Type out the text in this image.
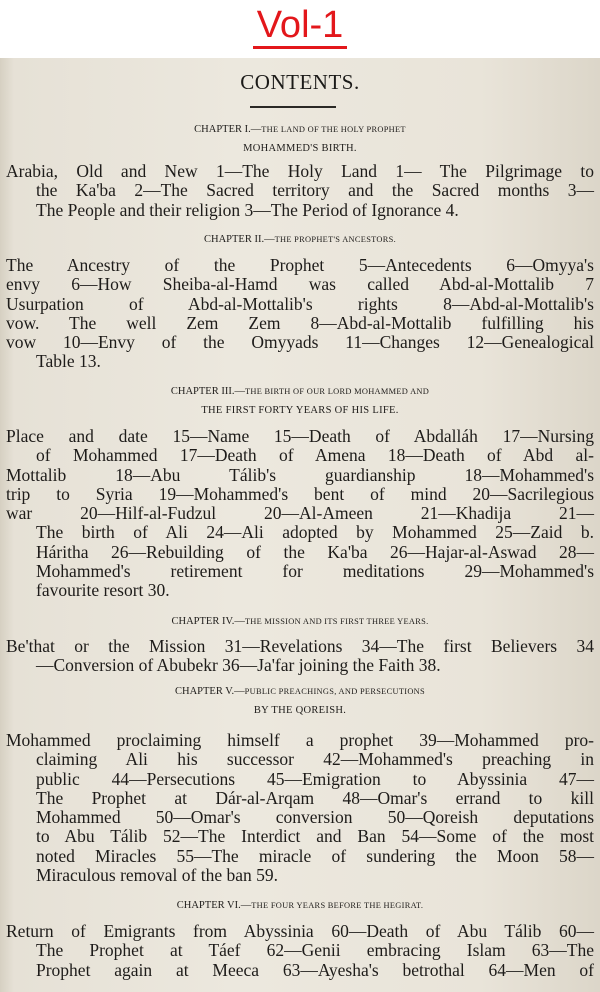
Vol-1
CONTENTS.
CHAPTER I.—THE LAND OF THE HOLY PROPHET
MOHAMMED'S BIRTH.
Arabia, Old and New 1—The Holy Land 1— The Pilgrimage to
the Ka'ba 2—The Sacred territory and the Sacred months 3—
The People and their religion 3—The Period of Ignorance 4.
CHAPTER II.—THE PROPHET'S ANCESTORS.
The Ancestry of the Prophet 5—Antecedents 6—Omyya's
envy 6—How Sheiba-al-Hamd was called Abd-al-Mottalib 7
Usurpation of Abd-al-Mottalib's rights 8—Abd-al-Mottalib's
vow. The well Zem Zem 8—Abd-al-Mottalib fulfilling his
vow 10—Envy of the Omyyads 11—Changes 12—Genealogical
Table 13.
CHAPTER III.—THE BIRTH OF OUR LORD MOHAMMED AND
THE FIRST FORTY YEARS OF HIS LIFE.
Place and date 15—Name 15—Death of Abdalláh 17—Nursing
of Mohammed 17—Death of Amena 18—Death of Abd al-
Mottalib 18—Abu Tálib's guardianship 18—Mohammed's
trip to Syria 19—Mohammed's bent of mind 20—Sacrilegious
war 20—Hilf-al-Fudzul 20—Al-Ameen 21—Khadija 21—
The birth of Ali 24—Ali adopted by Mohammed 25—Zaid b.
Háritha 26—Rebuilding of the Ka'ba 26—Hajar-al-Aswad 28—
Mohammed's retirement for meditations 29—Mohammed's
favourite resort 30.
CHAPTER IV.—THE MISSION AND ITS FIRST THREE YEARS.
Be'that or the Mission 31—Revelations 34—The first Believers 34
—Conversion of Abubekr 36—Ja'far joining the Faith 38.
CHAPTER V.—PUBLIC PREACHINGS, AND PERSECUTIONS
BY THE QOREISH.
Mohammed proclaiming himself a prophet 39—Mohammed pro-
claiming Ali his successor 42—Mohammed's preaching in
public 44—Persecutions 45—Emigration to Abyssinia 47—
The Prophet at Dár-al-Arqam 48—Omar's errand to kill
Mohammed 50—Omar's conversion 50—Qoreish deputations
to Abu Tálib 52—The Interdict and Ban 54—Some of the most
noted Miracles 55—The miracle of sundering the Moon 58—
Miraculous removal of the ban 59.
CHAPTER VI.—THE FOUR YEARS BEFORE THE HEGIRAT.
Return of Emigrants from Abyssinia 60—Death of Abu Tálib 60—
The Prophet at Táef 62—Genii embracing Islam 63—The
Prophet again at Meeca 63—Ayesha's betrothal 64—Men of
